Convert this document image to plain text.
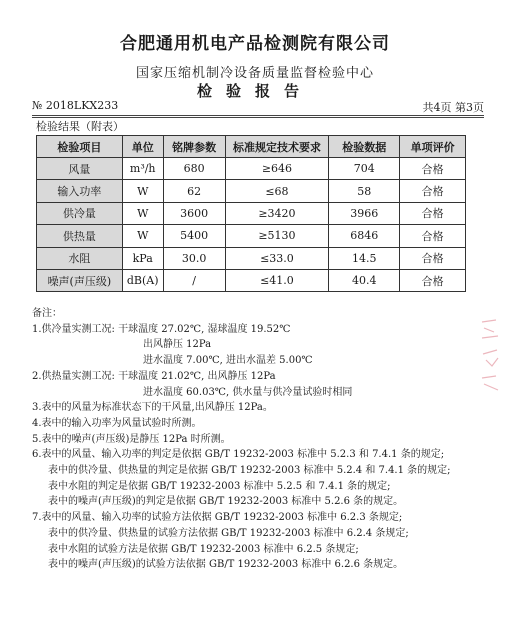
合肥通用机电产品检测院有限公司
国家压缩机制冷设备质量监督检验中心
检验报告
№ 2018LKX233	共4页 第3页
检验结果（附表）
检验项目	单位	铭牌参数	标准规定技术要求	检验数据	单项评价
风量	m³/h	680	≥646	704	合格
输入功率	W	62	≤68	58	合格
供冷量	W	3600	≥3420	3966	合格
供热量	W	5400	≥5130	6846	合格
水阻	kPa	30.0	≤33.0	14.5	合格
噪声(声压级)	dB(A)	/	≤41.0	40.4	合格
备注：
1.供冷量实测工况: 干球温度 27.02℃, 湿球温度 19.52℃
出风静压 12Pa
进水温度 7.00℃, 进出水温差 5.00℃
2.供热量实测工况: 干球温度 21.02℃, 出风静压 12Pa
进水温度 60.03℃, 供水量与供冷量试验时相同
3.表中的风量为标准状态下的干风量,出风静压 12Pa。
4.表中的输入功率为风量试验时所测。
5.表中的噪声(声压级)是静压 12Pa 时所测。
6.表中的风量、输入功率的判定是依据 GB/T 19232-2003 标准中 5.2.3 和 7.4.1 条的规定;
表中的供冷量、供热量的判定是依据 GB/T 19232-2003 标准中 5.2.4 和 7.4.1 条的规定;
表中水阻的判定是依据 GB/T 19232-2003 标准中 5.2.5 和 7.4.1 条的规定;
表中的噪声(声压级)的判定是依据 GB/T 19232-2003 标准中 5.2.6 条的规定。
7.表中的风量、输入功率的试验方法依据 GB/T 19232-2003 标准中 6.2.3 条规定;
表中的供冷量、供热量的试验方法依据 GB/T 19232-2003 标准中 6.2.4 条规定;
表中水阻的试验方法是依据 GB/T 19232-2003 标准中 6.2.5 条规定;
表中的噪声(声压级)的试验方法依据 GB/T 19232-2003 标准中 6.2.6 条规定。
